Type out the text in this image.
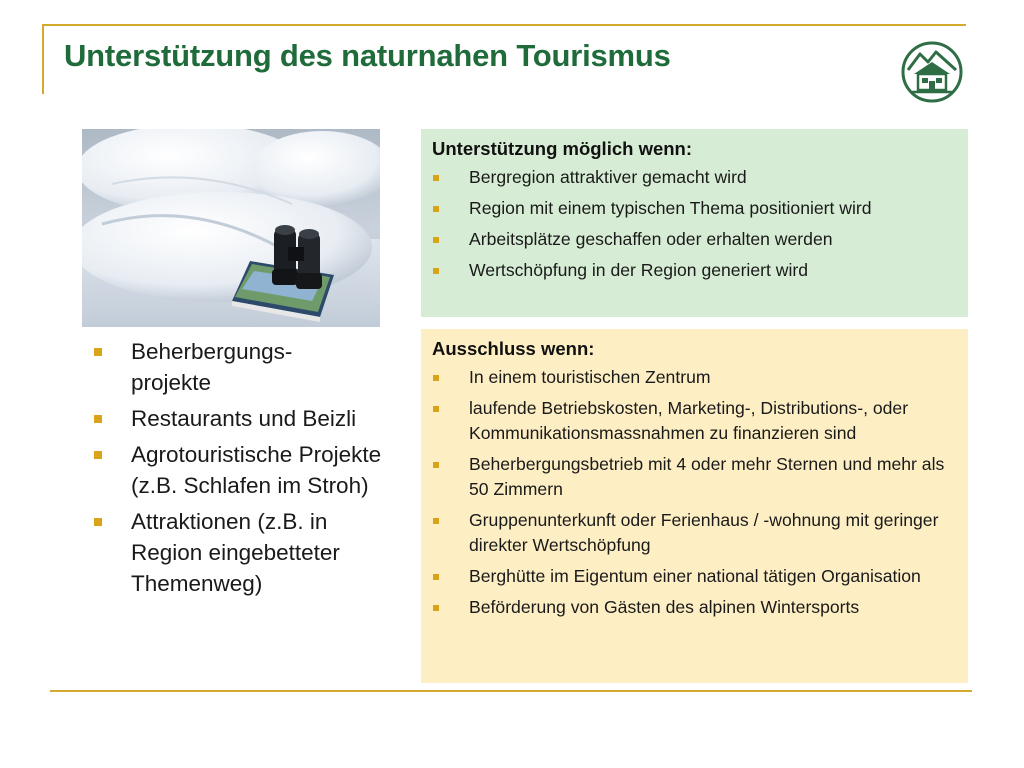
Unterstützung des naturnahen Tourismus
Beherbergungs-
projekte
Restaurants und Beizli
Agrotouristische Projekte (z.B. Schlafen im Stroh)
Attraktionen (z.B. in Region eingebetteter Themenweg)
Unterstützung möglich wenn:
Bergregion attraktiver gemacht wird
Region mit einem typischen Thema positioniert wird
Arbeitsplätze geschaffen oder erhalten werden
Wertschöpfung in der Region generiert wird
Ausschluss wenn:
In einem touristischen Zentrum
laufende Betriebskosten, Marketing-, Distributions-, oder Kommunikationsmassnahmen zu finanzieren sind
Beherbergungsbetrieb mit 4 oder mehr Sternen und mehr als 50 Zimmern
Gruppenunterkunft oder Ferienhaus / -wohnung mit geringer direkter Wertschöpfung
Berghütte im Eigentum einer national tätigen Organisation
Beförderung von Gästen des alpinen Wintersports
